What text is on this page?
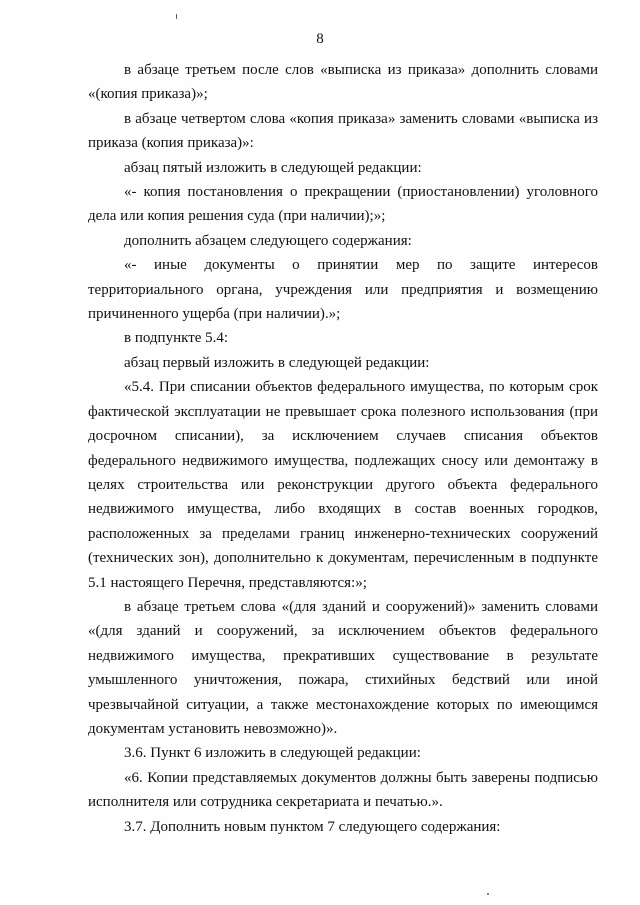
8

в абзаце третьем после слов «выписка из приказа» дополнить словами «(копия приказа)»;

в абзаце четвертом слова «копия приказа» заменить словами «выписка из приказа (копия приказа)»:

абзац пятый изложить в следующей редакции:

«- копия постановления о прекращении (приостановлении) уголовного дела или копия решения суда (при наличии);»;

дополнить абзацем следующего содержания:

«- иные документы о принятии мер по защите интересов территориального органа, учреждения или предприятия и возмещению причиненного ущерба (при наличии).»;

в подпункте 5.4:

абзац первый изложить в следующей редакции:

«5.4. При списании объектов федерального имущества, по которым срок фактической эксплуатации не превышает срока полезного использования (при досрочном списании), за исключением случаев списания объектов федерального недвижимого имущества, подлежащих сносу или демонтажу в целях строительства или реконструкции другого объекта федерального недвижимого имущества, либо входящих в состав военных городков, расположенных за пределами границ инженерно-технических сооружений (технических зон), дополнительно к документам, перечисленным в подпункте 5.1 настоящего Перечня, представляются:»;

в абзаце третьем слова «(для зданий и сооружений)» заменить словами «(для зданий и сооружений, за исключением объектов федерального недвижимого имущества, прекративших существование в результате умышленного уничтожения, пожара, стихийных бедствий или иной чрезвычайной ситуации, а также местонахождение которых по имеющимся документам установить невозможно)».

3.6. Пункт 6 изложить в следующей редакции:

«6. Копии представляемых документов должны быть заверены подписью исполнителя или сотрудника секретариата и печатью.».

3.7. Дополнить новым пунктом 7 следующего содержания:
